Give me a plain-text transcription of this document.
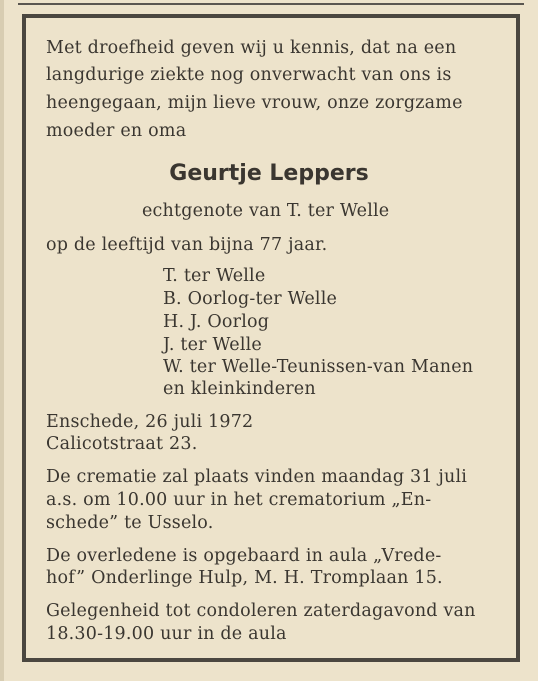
Met droefheid geven wij u kennis, dat na een
langdurige ziekte nog onverwacht van ons is
heengegaan, mijn lieve vrouw, onze zorgzame
moeder en oma
Geurtje Leppers
echtgenote van T. ter Welle
op de leeftijd van bijna 77 jaar.
T. ter Welle
B. Oorlog-ter Welle
H. J. Oorlog
J. ter Welle
W. ter Welle-Teunissen-van Manen
en kleinkinderen
Enschede, 26 juli 1972
Calicotstraat 23.
De crematie zal plaats vinden maandag 31 juli
a.s. om 10.00 uur in het crematorium „En-
schede” te Usselo.
De overledene is opgebaard in aula „Vrede-
hof” Onderlinge Hulp, M. H. Tromplaan 15.
Gelegenheid tot condoleren zaterdagavond van
18.30-19.00 uur in de aula
